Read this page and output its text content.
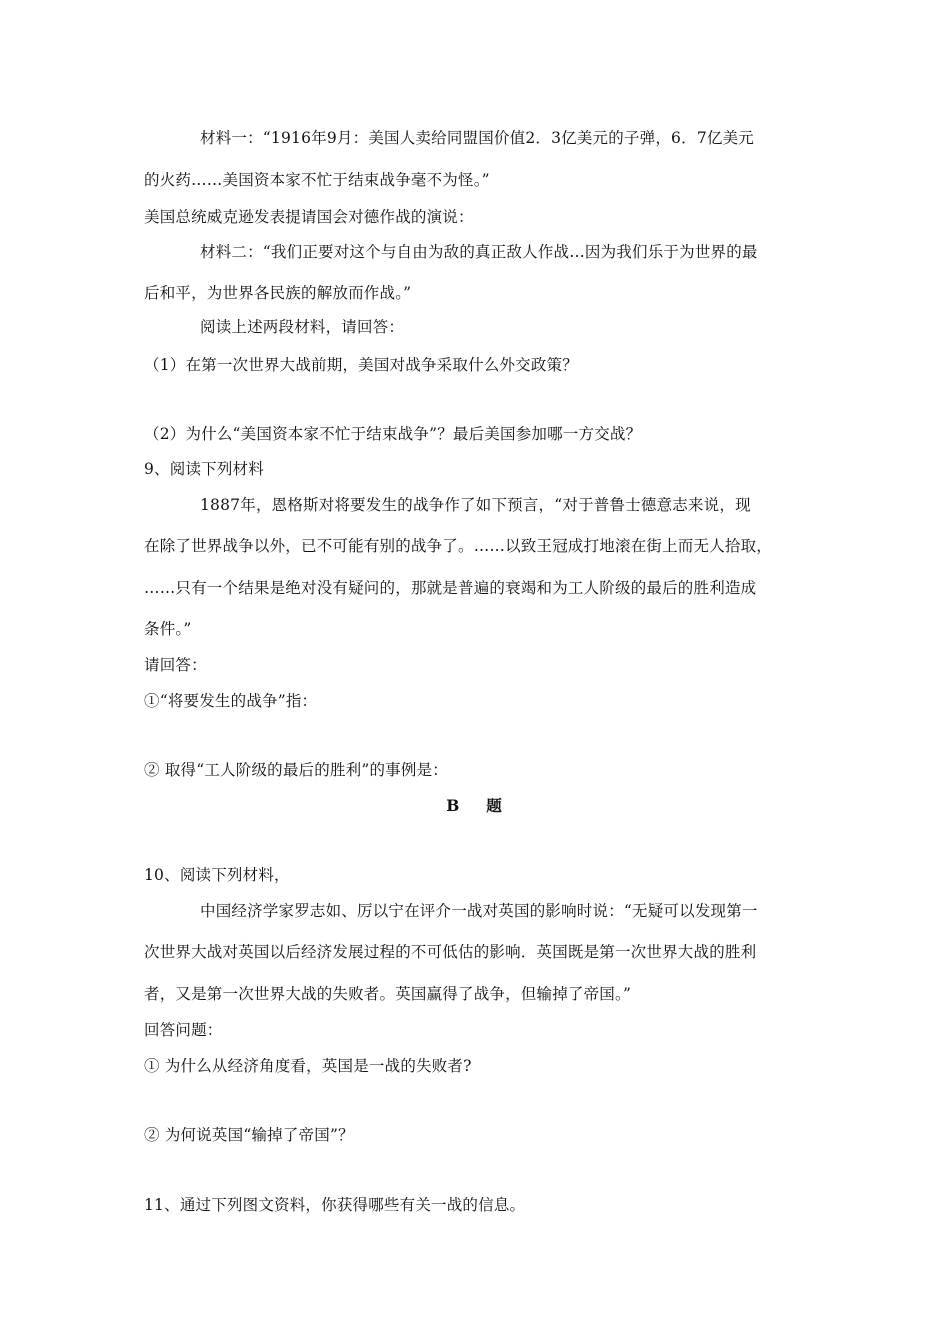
材料一：“1916年9月：美国人卖给同盟国价值2．3亿美元的子弹，6．7亿美元
的火药……美国资本家不忙于结束战争毫不为怪。”
美国总统威克逊发表提请国会对德作战的演说：
材料二：“我们正要对这个与自由为敌的真正敌人作战…因为我们乐于为世界的最
后和平，为世界各民族的解放而作战。”
阅读上述两段材料，请回答：
（1）在第一次世界大战前期，美国对战争采取什么外交政策？
（2）为什么“美国资本家不忙于结束战争”？最后美国参加哪一方交战？
9、阅读下列材料
1887年，恩格斯对将要发生的战争作了如下预言，“对于普鲁士德意志来说，现
在除了世界战争以外，已不可能有别的战争了。……以致王冠成打地滚在街上而无人拾取，
……只有一个结果是绝对没有疑问的，那就是普遍的衰竭和为工人阶级的最后的胜利造成
条件。”
请回答：
①“将要发生的战争”指：
② 取得“工人阶级的最后的胜利”的事例是：
B　 题
10、阅读下列材料，
中国经济学家罗志如、厉以宁在评介一战对英国的影响时说：“无疑可以发现第一
次世界大战对英国以后经济发展过程的不可低估的影响．英国既是第一次世界大战的胜利
者，又是第一次世界大战的失败者。英国赢得了战争，但输掉了帝国。”
回答问题：
① 为什么从经济角度看，英国是一战的失败者?
② 为何说英国“输掉了帝国”？
11、通过下列图文资料，你获得哪些有关一战的信息。
